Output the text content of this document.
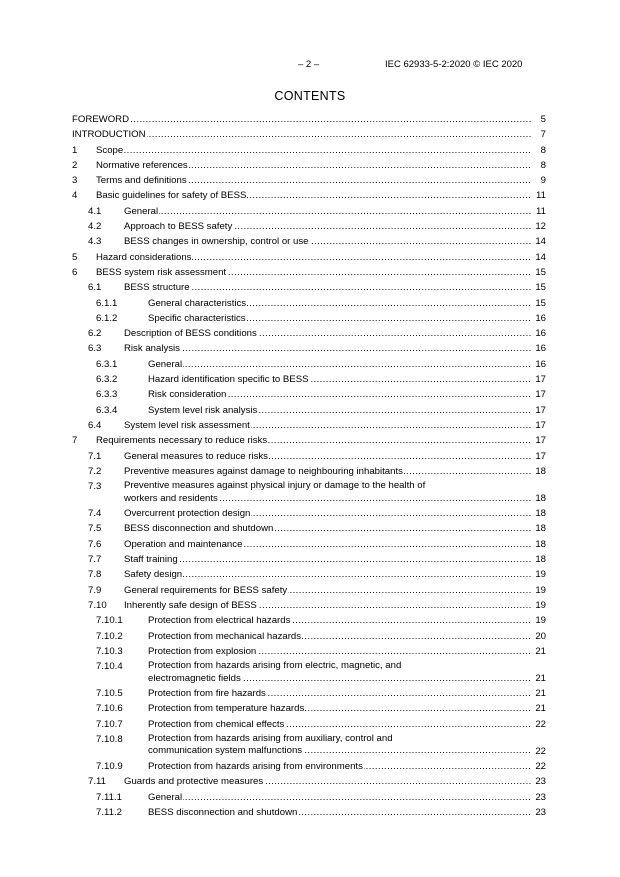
– 2 –	IEC 62933-5-2:2020 © IEC 2020
CONTENTS
FOREWORD .....	5
INTRODUCTION .....	7
1 Scope .....	8
2 Normative references .....	8
3 Terms and definitions .....	9
4 Basic guidelines for safety of BESS .....	11
4.1 General .....	11
4.2 Approach to BESS safety .....	12
4.3 BESS changes in ownership, control or use .....	14
5 Hazard considerations .....	14
6 BESS system risk assessment .....	15
6.1 BESS structure .....	15
6.1.1	General characteristics .....	15
6.1.2	Specific characteristics .....	16
6.2 Description of BESS conditions .....	16
6.3 Risk analysis .....	16
6.3.1	General .....	16
6.3.2	Hazard identification specific to BESS .....	17
6.3.3	Risk consideration .....	17
6.3.4	System level risk analysis .....	17
6.4 System level risk assessment .....	17
7 Requirements necessary to reduce risks .....	17
7.1 General measures to reduce risks .....	17
7.2 Preventive measures against damage to neighbouring inhabitants .....	18
7.3 Preventive measures against physical injury or damage to the health of
workers and residents
.....	18
7.4 Overcurrent protection design .....	18
7.5 BESS disconnection and shutdown .....	18
7.6 Operation and maintenance .....	18
7.7 Staff training .....	18
7.8 Safety design .....	19
7.9 General requirements for BESS safety .....	19
7.10 Inherently safe design of BESS .....	19
7.10.1	Protection from electrical hazards .....	19
7.10.2	Protection from mechanical hazards .....	20
7.10.3	Protection from explosion .....	21
7.10.4	Protection from hazards arising from electric, magnetic, and
electromagnetic fields
.....	21
7.10.5	Protection from fire hazards .....	21
7.10.6	Protection from temperature hazards .....	21
7.10.7	Protection from chemical effects .....	22
7.10.8	Protection from hazards arising from auxiliary, control and
communication system malfunctions
.....	22
7.10.9	Protection from hazards arising from environments .....	22
7.11 Guards and protective measures .....	23
7.11.1	General .....	23
7.11.2	BESS disconnection and shutdown .....	23
